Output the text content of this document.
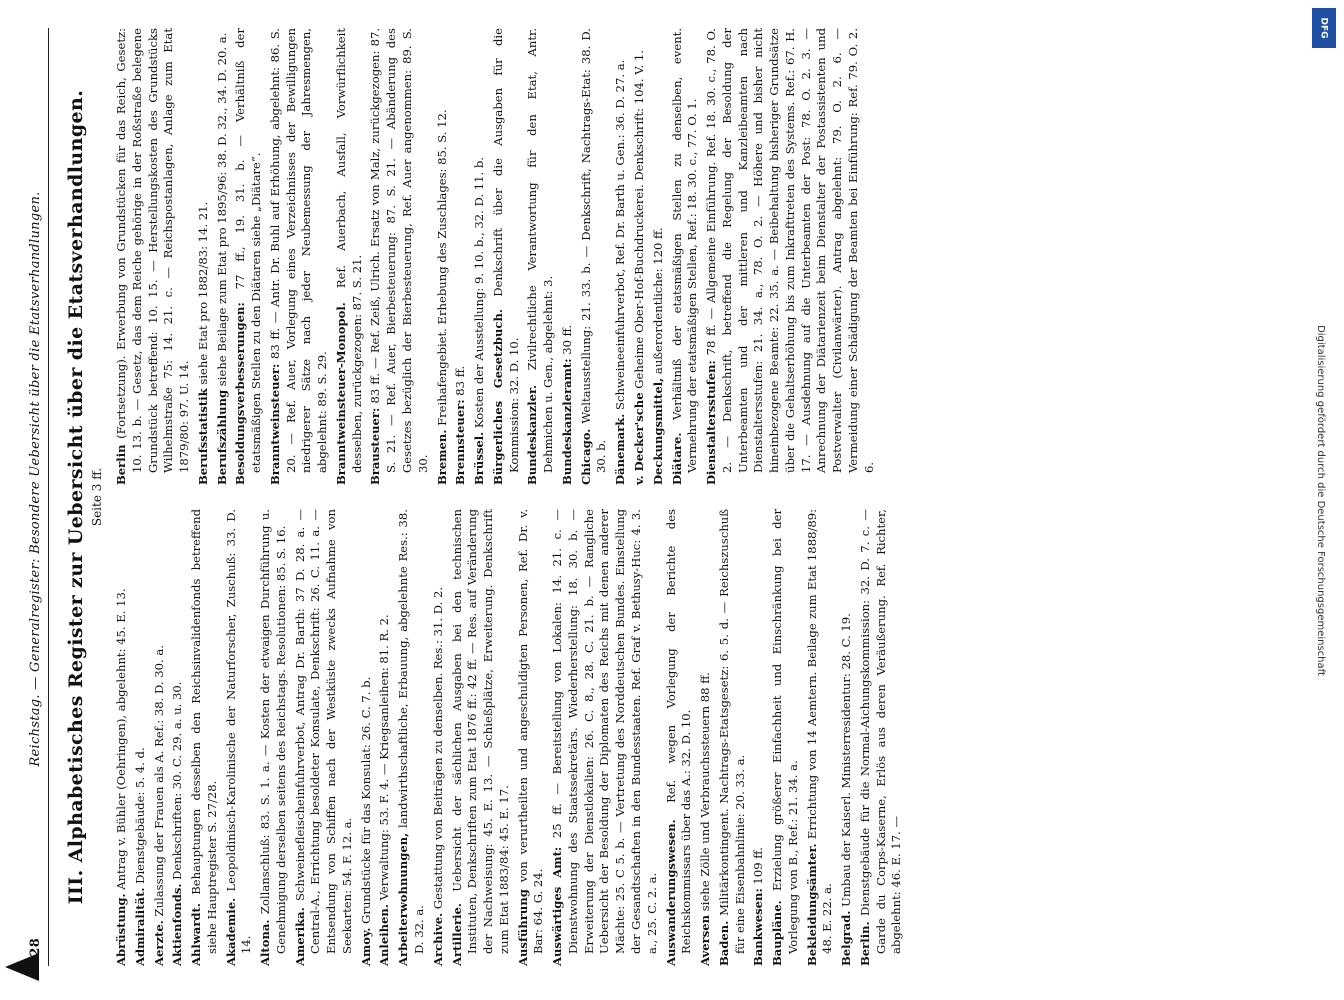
DFG
Digitalisierung gefördert durch die Deutsche Forschungsgemeinschaft
128
Reichstag. — Generalregister: Besondere Uebersicht über die Etatsverhandlungen. III. Alphabetisches Register zur Uebersicht über die Etatsverhandlungen. Seite 3 ff.

Abrüstung. Antrag v. Bühler (Oehringen), abgelehnt: 45. E. 13.

Admiralität. Dienstgebäude: 5. 4. d.

Aerzte. Zulassung der Frauen als A. Ref.: 38. D. 30. a.

Aktienfonds. Denkschriften: 30. C. 29. a. u. 30.

Ahlwardt. Behauptungen desselben den Reichsinvalidenfonds betreffend siehe Hauptregister S. 27/28. Akademie. Leopoldinisch-Karolinische der Naturforscher, Zuschuß: 33. D. 14. Altona. Zollanschluß: 83. S. 1. a. — Kosten der etwaigen Durchführung u. Genehmigung derselben seitens des Reichstags. Resolutionen: 85. S. 16. Amerika. Schweinefleischeinfuhrverbot, Antrag Dr. Barth: 37 D. 28. a. — Central-A., Errichtung besoldeter Konsulate, Denkschrift: 26. C. 11. a. — Entsendung von Schiffen nach der Westküste zwecks Aufnahme von Seekarten: 54. F. 12. a. Amoy. Grundstücke für das Konsulat: 26. C. 7. b.

Anleihen. Verwaltung: 53. F. 4. — Kriegsanleihen: 81. R. 2. Arbeiterwohnungen, landwirthschaftliche, Erbauung, abgelehnte Res.: 38. D. 32. a. Archive. Gestattung von Beiträgen zu denselben. Res.: 31. D. 2.

Artillerie. Uebersicht der sächlichen Ausgaben bei den technischen Instituten, Denkschriften zum Etat 1876 ff.: 42 ff. — Res. auf Veränderung der Nachweisung: 45. E. 13. — Schießplätze, Erweiterung. Denkschrift zum Etat 1883/84: 45. E. 17. Ausführung von verurtheilten und angeschuldigten Personen, Ref. Dr. v. Bar: 64. G. 24. Auswärtiges Amt: 25 ff. — Bereitstellung von Lokalen: 14. 21. c. — Dienstwohnung des Staatssekretärs. Wiederherstellung: 18. 30. b. — Erweiterung der Dienstlokalien: 26. C. 8., 28. C. 21. b. — Rangliche Uebersicht der Besoldung der Diplomaten des Reichs mit denen anderer Mächte: 25. C 5. b. — Vertretung des Norddeutschen Bundes. Einstellung der Gesandtschaften in den Bundesstaaten. Ref. Graf v. Bethusy-Huc: 4. 3. a., 25. C. 2. a. Auswanderungswesen. Ref. wegen Vorlegung der Berichte des Reichskommissars über das A.: 32. D. 10. Aversen siehe Zölle und Verbrauchssteuern 88 ff.

Baden. Militärkontingent. Nachtrags-Etatsgesetz: 6. 5. d. — Reichszuschuß für eine Eisenbahnlinie: 20. 33. a. Bankwesen: 109 ff.

Baupläne. Erzielung größerer Einfachheit und Einschränkung bei der Vorlegung von B., Ref.: 21. 34. a. Bekleidungsämter. Errichtung von 14 Aemtern. Beilage zum Etat 1888/89: 48. E. 22. a. Belgrad. Umbau der Kaiserl. Ministerresidentur: 28. C. 19.

Berlin. Dienstgebäude für die Normal-Aichungskommission: 32. D. 7. c. — Garde du Corps-Kaserne, Erlös aus deren Veräußerung. Ref. Richter, abgelehnt: 46. E. 17. —

Berlin (Fortsetzung). Erwerbung von Grundstücken für das Reich, Gesetz: 10. 13. b. — Gesetz, das dem Reiche gehörige in der Roßstraße belegene Grundstück betreffend: 10. 15. — Herstellungskosten des Grundstücks Wilhelmstraße 75: 14. 21. c. — Reichspostanlagen, Anlage zum Etat 1879/80: 97. U. 14. Berufsstatistik siehe Etat pro 1882/83: 14. 21.

Berufszählung siehe Beilage zum Etat pro 1895/96: 38. D. 32., 34. D. 20. a.

Besoldungsverbesserungen: 77 ff., 19. 31. b. — Verhältniß der etatsmäßigen Stellen zu den Diätaren siehe „Diätare“. Branntweinsteuer: 83 ff. — Antr. Dr. Buhl auf Erhöhung, abgelehnt: 86. S. 20. — Ref. Auer, Vorlegung eines Verzeichnisses der Bewilligungen niedrigerer Sätze nach jeder Neubemessung der Jahresmengen, abgelehnt: 89. S. 29. Branntweinsteuer-Monopol. Ref. Auerbach, Ausfall, Vorwürflichkeit desselben, zurückgezogen: 87. S. 21. Brausteuer: 83 ff. — Ref. Zeiß, Ulrich. Ersatz von Malz, zurückgezogen: 87. S. 21. — Ref. Auer, Bierbesteuerung: 87. S. 21. — Abänderung des Gesetzes bezüglich der Bierbesteuerung, Ref. Auer angenommen: 89. S. 30. Bremen. Freihafengebiet. Erhebung des Zuschlages: 85. S. 12.

Brennsteuer: 83 ff.

Brüssel. Kosten der Ausstellung: 9. 10. b., 32. D. 11. b. Bürgerliches Gesetzbuch. Denkschrift über die Ausgaben für die Kommission: 32. D. 10. Bundeskanzler. Zivilrechtliche Verantwortung für den Etat, Antr. Dehmichen u. Gen., abgelehnt: 3. Bundeskanzleramt: 30 ff.

Chicago. Weltausstellung: 21. 33. b. — Denkschrift, Nachtrags-Etat: 38. D. 30. b. Dänemark. Schweineeinfuhrverbot, Ref. Dr. Barth u. Gen.: 36. D. 27. a.

v. Decker'sche Geheime Ober-Hof-Buchdruckerei. Denkschrift: 104. V. 1.

Deckungsmittel, außerordentliche: 120 ff.

Diätare. Verhältniß der etatsmäßigen Stellen zu denselben, event. Vermehrung der etatsmäßigen Stellen, Ref.: 18. 30. c., 77. O. 1. Dienstaltersstufen: 78 ff. — Allgemeine Einführung. Ref. 18. 30. c., 78. O. 2. — Denkschrift, betreffend die Regelung der Besoldung der Unterbeamten und der mittleren und Kanzleibeamten nach Dienstaltersstufen: 21. 34. a., 78. O. 2. — Höhere und bisher nicht hineinbezogene Beamte: 22. 35. a. — Beibehaltung bisheriger Grundsätze über die Gehaltserhöhung bis zum Inkrafttreten des Systems. Ref.: 67. H. 17. — Ausdehnung auf die Unterbeamten der Post: 78. O. 2. 3. — Anrechnung der Diätarienzeit beim Dienstalter der Postassistenten und Postverwalter (Civilanwärter). Antrag abgelehnt: 79. O. 2. 6. — Vermeidung einer Schädigung der Beamten bei Einführung: Ref. 79. O. 2. 6.
